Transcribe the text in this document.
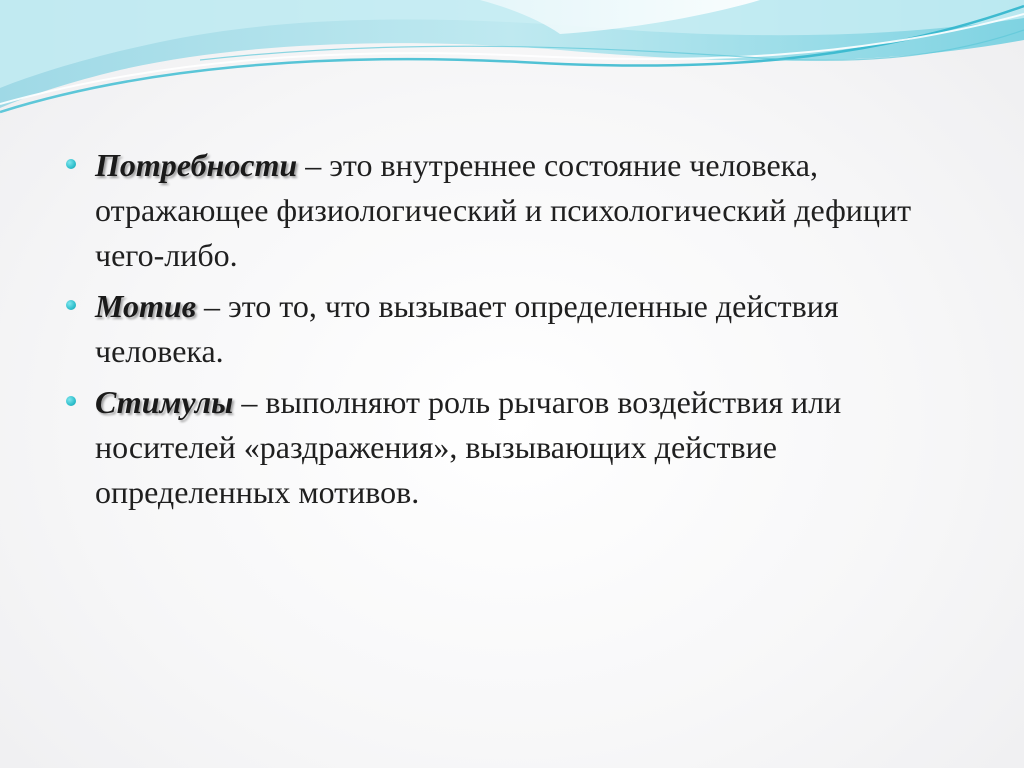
Потребности – это внутреннее состояние человека, отражающее физиологический и психологический дефицит чего-либо.
Мотив – это то, что вызывает определенные действия человека.
Стимулы – выполняют роль рычагов воздействия или носителей «раздражения», вызывающих действие определенных мотивов.
